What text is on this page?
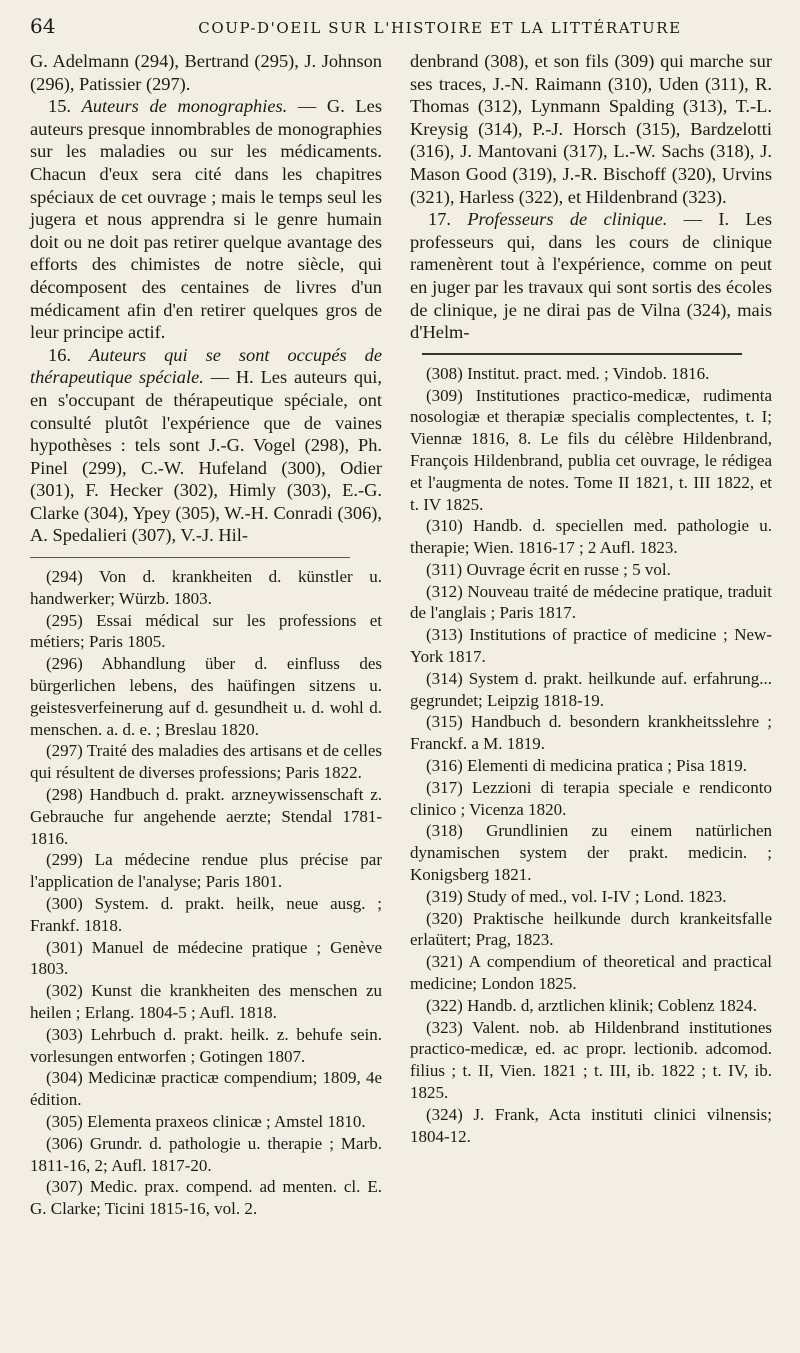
64	COUP-D'OEIL SUR L'HISTOIRE ET LA LITTÉRATURE

G. Adelmann (294), Bertrand (295), J. Johnson (296), Patissier (297).

15. Auteurs de monographies. — G. Les auteurs presque innombrables de monographies sur les maladies ou sur les médicaments. Chacun d'eux sera cité dans les chapitres spéciaux de cet ouvrage ; mais le temps seul les jugera et nous apprendra si le genre humain doit ou ne doit pas retirer quelque avantage des efforts des chimistes de notre siècle, qui décomposent des centaines de livres d'un médicament afin d'en retirer quelques gros de leur principe actif.

16. Auteurs qui se sont occupés de thérapeutique spéciale. — H. Les auteurs qui, en s'occupant de thérapeutique spéciale, ont consulté plutôt l'expérience que de vaines hypothèses : tels sont J.-G. Vogel (298), Ph. Pinel (299), C.-W. Hufeland (300), Odier (301), F. Hecker (302), Himly (303), E.-G. Clarke (304), Ypey (305), W.-H. Conradi (306), A. Spedalieri (307), V.-J. Hil-

(294) Von d. krankheiten d. künstler u. handwerker; Würzb. 1803.

(295) Essai médical sur les professions et métiers; Paris 1805.

(296) Abhandlung über d. einfluss des bürgerlichen lebens, des haüfingen sitzens u. geistesverfeinerung auf d. gesundheit u. d. wohl d. menschen. a. d. e. ; Breslau 1820.

(297) Traité des maladies des artisans et de celles qui résultent de diverses professions; Paris 1822.

(298) Handbuch d. prakt. arzneywissenschaft z. Gebrauche fur angehende aerzte; Stendal 1781-1816.

(299) La médecine rendue plus précise par l'application de l'analyse; Paris 1801.

(300) System. d. prakt. heilk, neue ausg. ; Frankf. 1818.

(301) Manuel de médecine pratique ; Genève 1803.

(302) Kunst die krankheiten des menschen zu heilen ; Erlang. 1804-5 ; Aufl. 1818.

(303) Lehrbuch d. prakt. heilk. z. behufe sein. vorlesungen entworfen ; Gotingen 1807.

(304) Medicinæ practicæ compendium; 1809, 4e édition.

(305) Elementa praxeos clinicæ ; Amstel 1810.

(306) Grundr. d. pathologie u. therapie ; Marb. 1811-16, 2; Aufl. 1817-20.

(307) Medic. prax. compend. ad menten. cl. E. G. Clarke; Ticini 1815-16, vol. 2.

denbrand (308), et son fils (309) qui marche sur ses traces, J.-N. Raimann (310), Uden (311), R. Thomas (312), Lynmann Spalding (313), T.-L. Kreysig (314), P.-J. Horsch (315), Bardzelotti (316), J. Mantovani (317), L.-W. Sachs (318), J. Mason Good (319), J.-R. Bischoff (320), Urvins (321), Harless (322), et Hildenbrand (323).

17. Professeurs de clinique. — I. Les professeurs qui, dans les cours de clinique ramenèrent tout à l'expérience, comme on peut en juger par les travaux qui sont sortis des écoles de clinique, je ne dirai pas de Vilna (324), mais d'Helm-

(308) Institut. pract. med. ; Vindob. 1816.

(309) Institutiones practico-medicæ, rudimenta nosologiæ et therapiæ specialis complectentes, t. I; Viennæ 1816, 8. Le fils du célèbre Hildenbrand, François Hildenbrand, publia cet ouvrage, le rédigea et l'augmenta de notes. Tome II 1821, t. III 1822, et t. IV 1825.

(310) Handb. d. speciellen med. pathologie u. therapie; Wien. 1816-17 ; 2 Aufl. 1823.

(311) Ouvrage écrit en russe ; 5 vol.

(312) Nouveau traité de médecine pratique, traduit de l'anglais ; Paris 1817.

(313) Institutions of practice of medicine ; New-York 1817.

(314) System d. prakt. heilkunde auf. erfahrung... gegrundet; Leipzig 1818-19.

(315) Handbuch d. besondern krankheitsslehre ; Franckf. a M. 1819.

(316) Elementi di medicina pratica ; Pisa 1819.

(317) Lezzioni di terapia speciale e rendiconto clinico ; Vicenza 1820.

(318) Grundlinien zu einem natürlichen dynamischen system der prakt. medicin. ; Konigsberg 1821.

(319) Study of med., vol. I-IV ; Lond. 1823.

(320) Praktische heilkunde durch krankeitsfalle erlaütert; Prag, 1823.

(321) A compendium of theoretical and practical medicine; London 1825.

(322) Handb. d, arztlichen klinik; Coblenz 1824.

(323) Valent. nob. ab Hildenbrand institutiones practico-medicæ, ed. ac propr. lectionib. adcomod. filius ; t. II, Vien. 1821 ; t. III, ib. 1822 ; t. IV, ib. 1825.

(324) J. Frank, Acta instituti clinici vilnensis; 1804-12.
